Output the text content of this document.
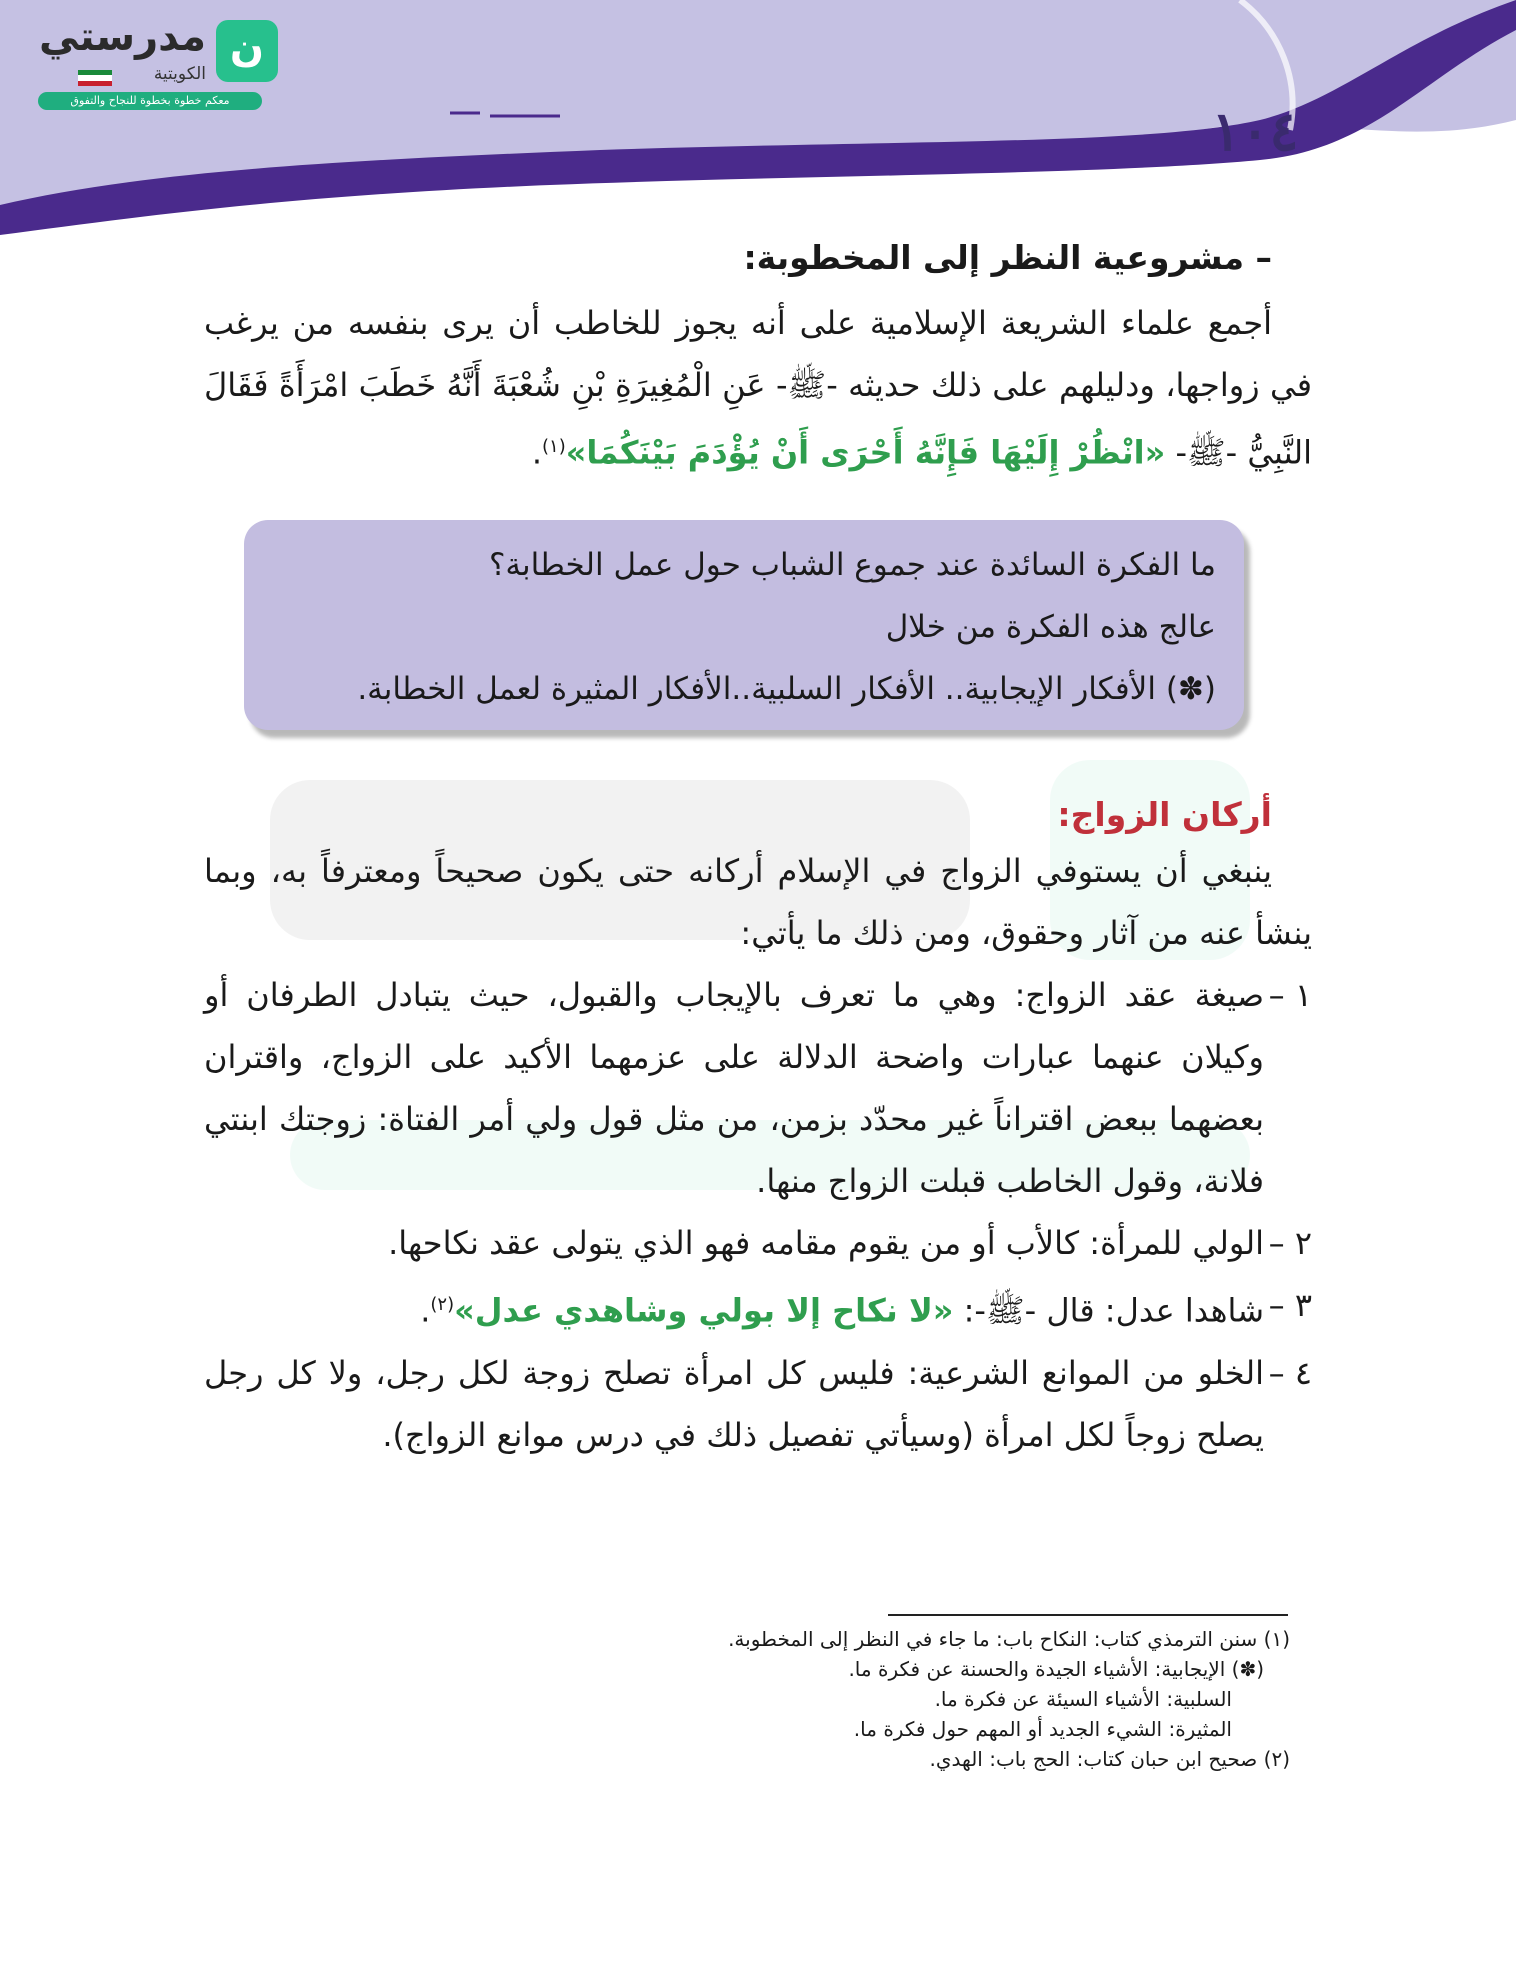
ن
مدرستي
الكويتية
معكم خطوة بخطوة للنجاح والتفوق	١٠٤
– مشروعية النظر إلى المخطوبة:

أجمع علماء الشريعة الإسلامية على أنه يجوز للخاطب أن يرى بنفسه من يرغب في زواجها، ودليلهم على ذلك حديثه -ﷺ- عَنِ الْمُغِيرَةِ بْنِ شُعْبَةَ أَنَّهُ خَطَبَ امْرَأَةً فَقَالَ النَّبِيُّ -ﷺ- «انْظُرْ إِلَيْهَا فَإِنَّهُ أَحْرَى أَنْ يُؤْدَمَ بَيْنَكُمَا»$^{(١)}$.

ما الفكرة السائدة عند جموع الشباب حول عمل الخطابة؟

عالج هذه الفكرة من خلال

(✽) الأفكار الإيجابية.. الأفكار السلبية..الأفكار المثيرة لعمل الخطابة.

أركان الزواج:

ينبغي أن يستوفي الزواج في الإسلام أركانه حتى يكون صحيحاً ومعترفاً به، وبما ينشأ عنه من آثار وحقوق، ومن ذلك ما يأتي:

١ –
صيغة عقد الزواج: وهي ما تعرف بالإيجاب والقبول، حيث يتبادل الطرفان أو وكيلان عنهما عبارات واضحة الدلالة على عزمهما الأكيد على الزواج، واقتران بعضهما ببعض اقتراناً غير محدّد بزمن، من مثل قول ولي أمر الفتاة: زوجتك ابنتي فلانة، وقول الخاطب قبلت الزواج منها.
٢ –
الولي للمرأة: كالأب أو من يقوم مقامه فهو الذي يتولى عقد نكاحها.
٣ –
شاهدا عدل: قال -ﷺ-: «لا نكاح إلا بولي وشاهدي عدل»$^{(٢)}$.
٤ –
الخلو من الموانع الشرعية: فليس كل امرأة تصلح زوجة لكل رجل، ولا كل رجل يصلح زوجاً لكل امرأة (وسيأتي تفصيل ذلك في درس موانع الزواج).
(١) سنن الترمذي كتاب: النكاح باب: ما جاء في النظر إلى المخطوبة.
(✽) الإيجابية: الأشياء الجيدة والحسنة عن فكرة ما.
السلبية: الأشياء السيئة عن فكرة ما.
المثيرة: الشيء الجديد أو المهم حول فكرة ما.
(٢) صحيح ابن حبان كتاب: الحج باب: الهدي.
